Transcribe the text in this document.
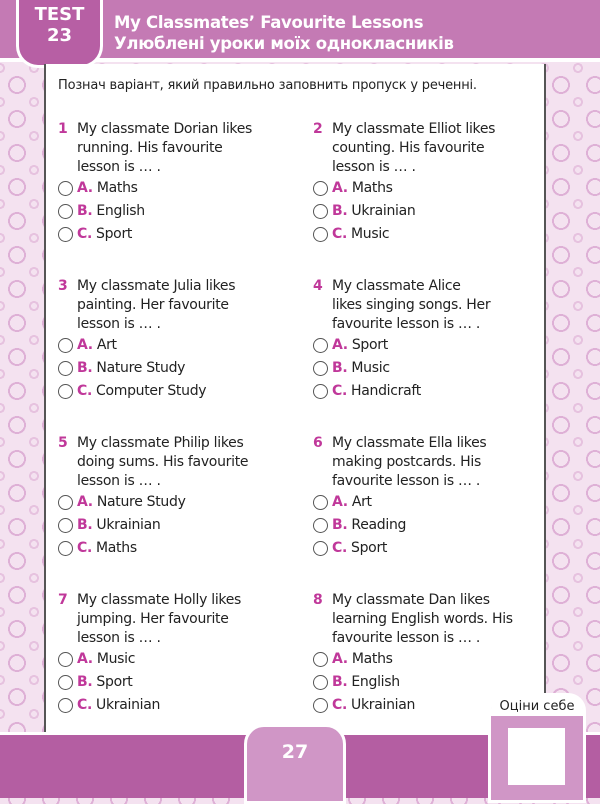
TEST
23
My Classmates’ Favourite Lessons
Улюблені уроки моїх однокласників
Познач варіант, який правильно заповнить пропуск у реченні.
1 My classmate Dorian likes
running. His favourite
lesson is … .
A. Maths
B. English
C. Sport
2 My classmate Elliot likes
counting. His favourite
lesson is … .
A. Maths
B. Ukrainian
C. Music
3 My classmate Julia likes
painting. Her favourite
lesson is … .
A. Art
B. Nature Study
C. Computer Study
4 My classmate Alice
likes singing songs. Her
favourite lesson is … .
A. Sport
B. Music
C. Handicraft
5 My classmate Philip likes
doing sums. His favourite
lesson is … .
A. Nature Study
B. Ukrainian
C. Maths
6 My classmate Ella likes
making postcards. His
favourite lesson is … .
A. Art
B. Reading
C. Sport
7 My classmate Holly likes
jumping. Her favourite
lesson is … .
A. Music
B. Sport
C. Ukrainian
8 My classmate Dan likes
learning English words. His
favourite lesson is … .
A. Maths
B. English
C. Ukrainian
27
Оціни себе
